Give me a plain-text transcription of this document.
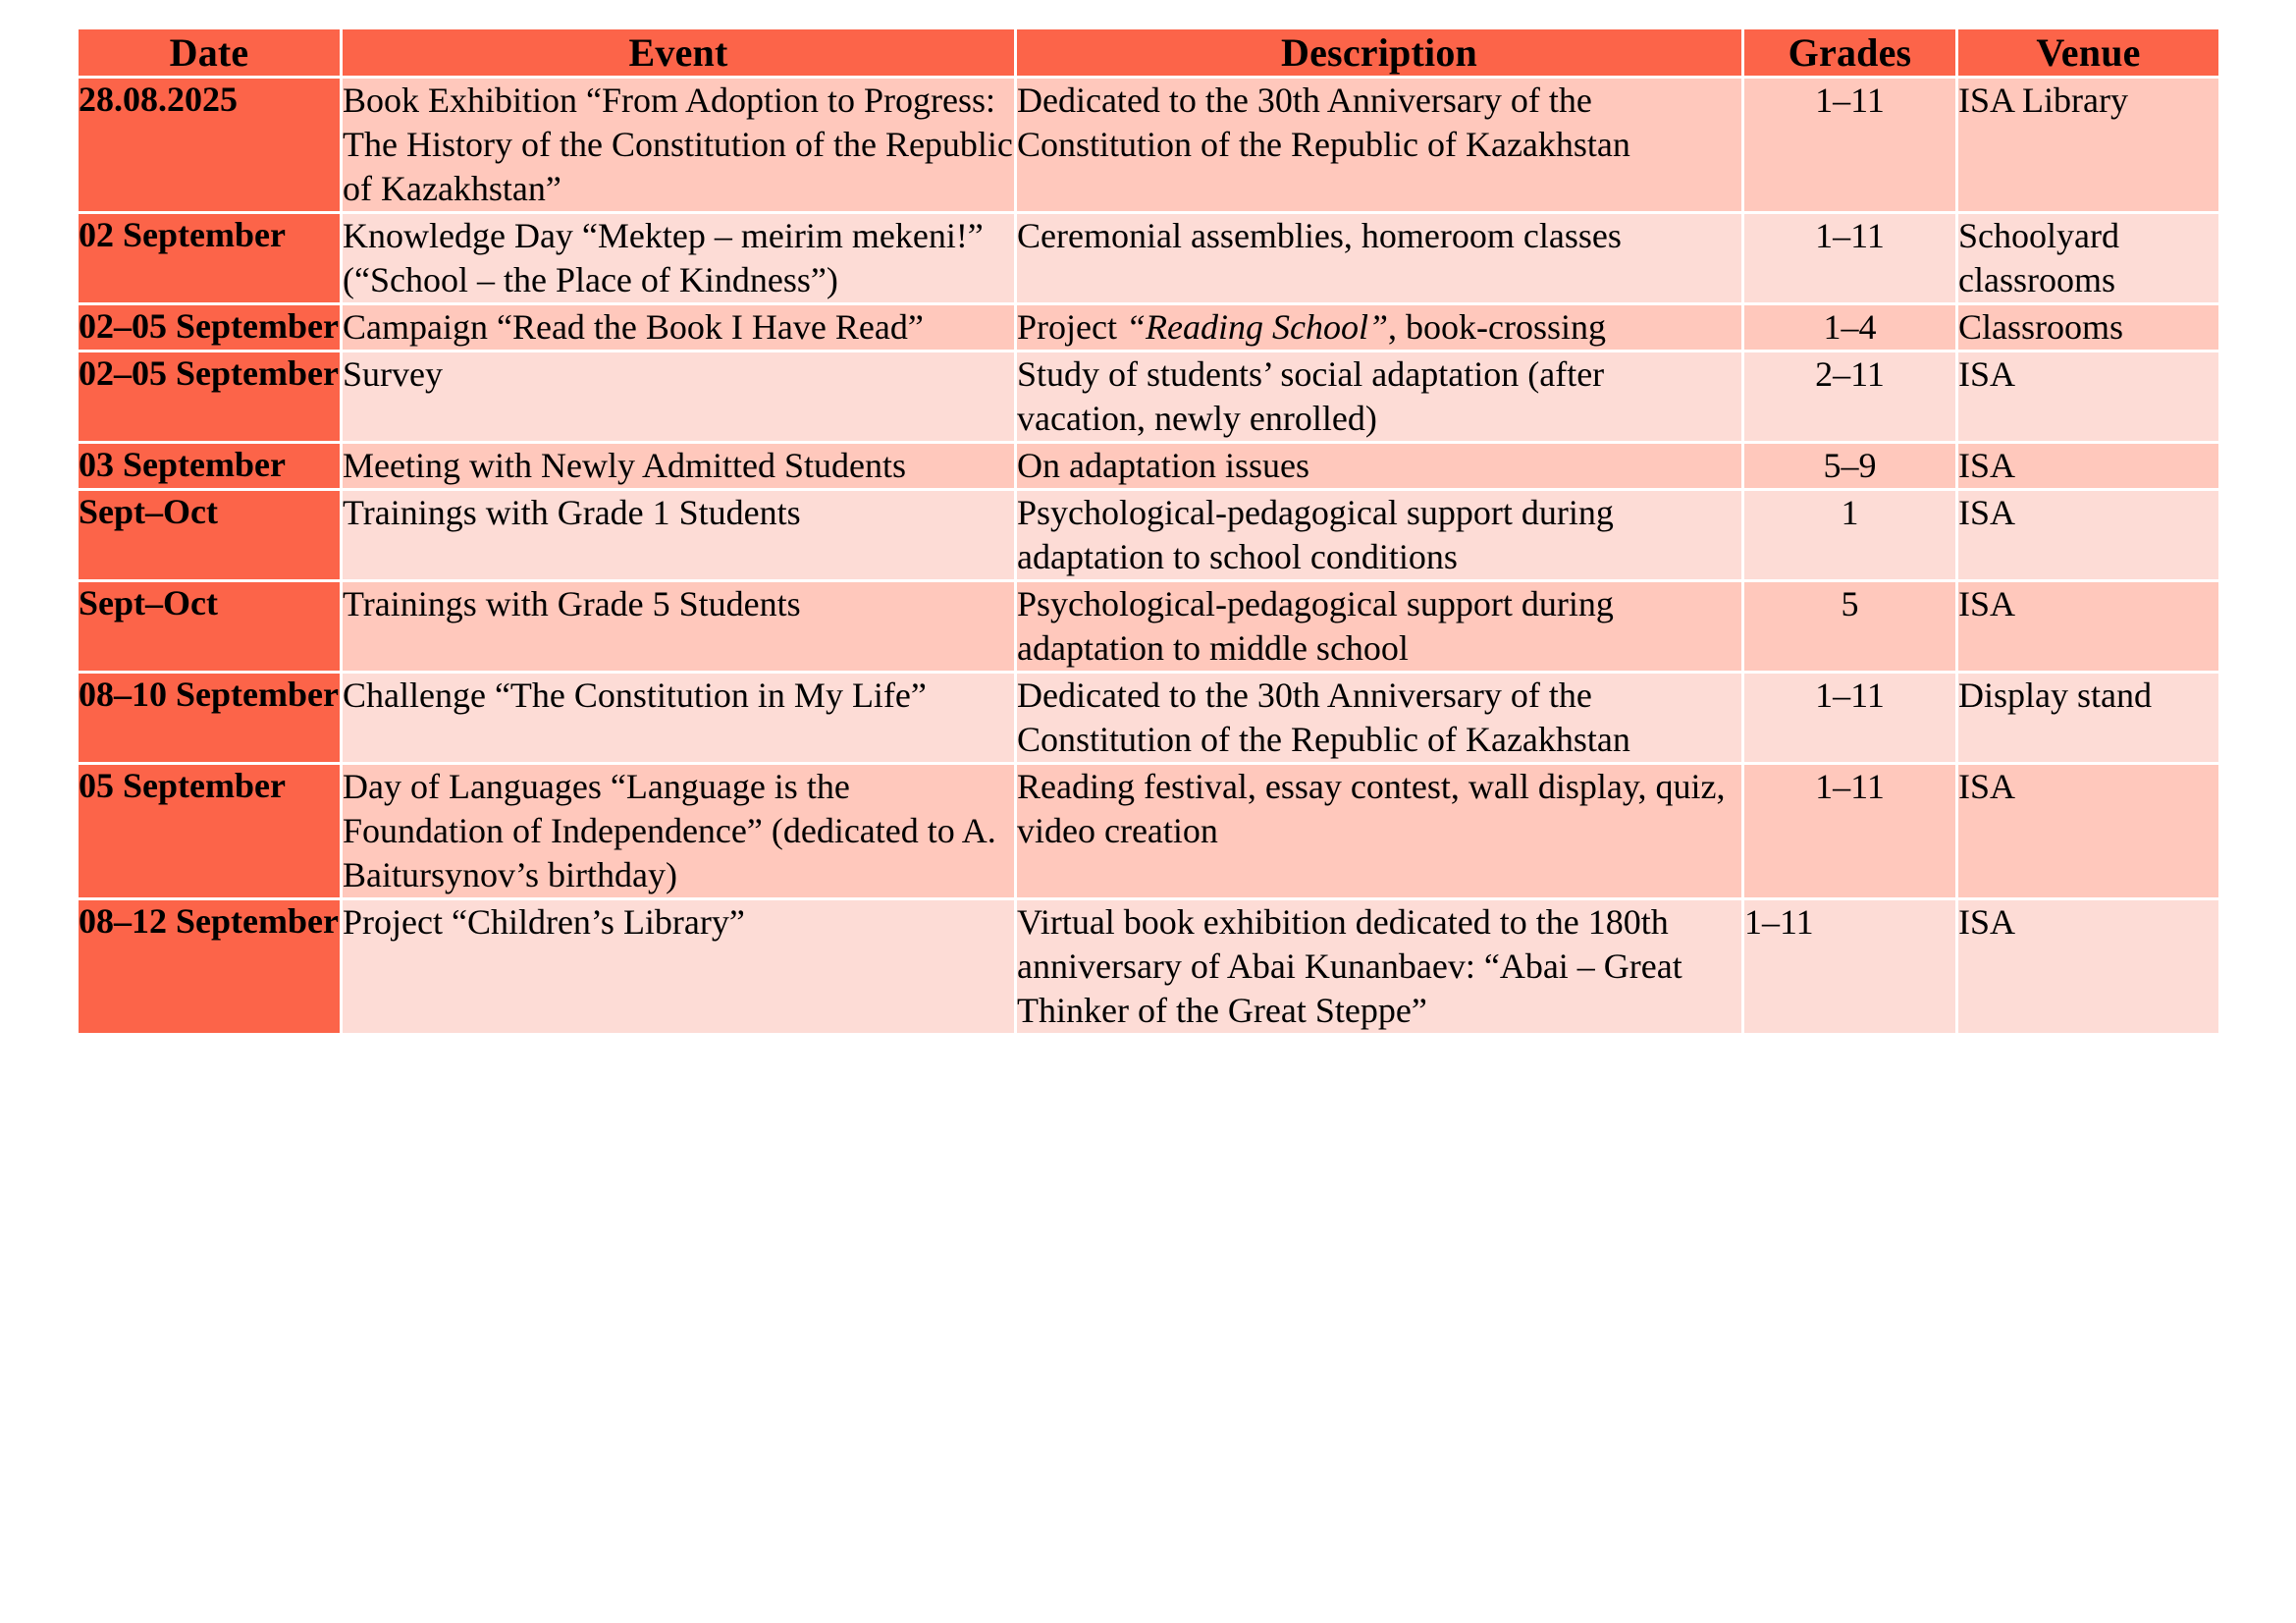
Date	Event	Description	Grades	Venue
28.08.2025	Book Exhibition “From Adoption to Progress: The History of the Constitution of the Republic of Kazakhstan”	Dedicated to the 30th Anniversary of the Constitution of the Republic of Kazakhstan	1–11	ISA Library
02 September	Knowledge Day “Mektep – meirim mekeni!” (“School – the Place of Kindness”)	Ceremonial assemblies, homeroom classes	1–11	Schoolyard classrooms
02–05 September	Campaign “Read the Book I Have Read”	Project “Reading School”, book-crossing	1–4	Classrooms
02–05 September	Survey	Study of students’ social adaptation (after vacation, newly enrolled)	2–11	ISA
03 September	Meeting with Newly Admitted Students	On adaptation issues	5–9	ISA
Sept–Oct	Trainings with Grade 1 Students	Psychological-pedagogical support during adaptation to school conditions	1	ISA
Sept–Oct	Trainings with Grade 5 Students	Psychological-pedagogical support during adaptation to middle school	5	ISA
08–10 September	Challenge “The Constitution in My Life”	Dedicated to the 30th Anniversary of the Constitution of the Republic of Kazakhstan	1–11	Display stand
05 September	Day of Languages “Language is the Foundation of Independence” (dedicated to A. Baitursynov’s birthday)	Reading festival, essay contest, wall display, quiz, video creation	1–11	ISA
08–12 September	Project “Children’s Library”	Virtual book exhibition dedicated to the 180th anniversary of Abai Kunanbaev: “Abai – Great Thinker of the Great Steppe”	1–11	ISA
